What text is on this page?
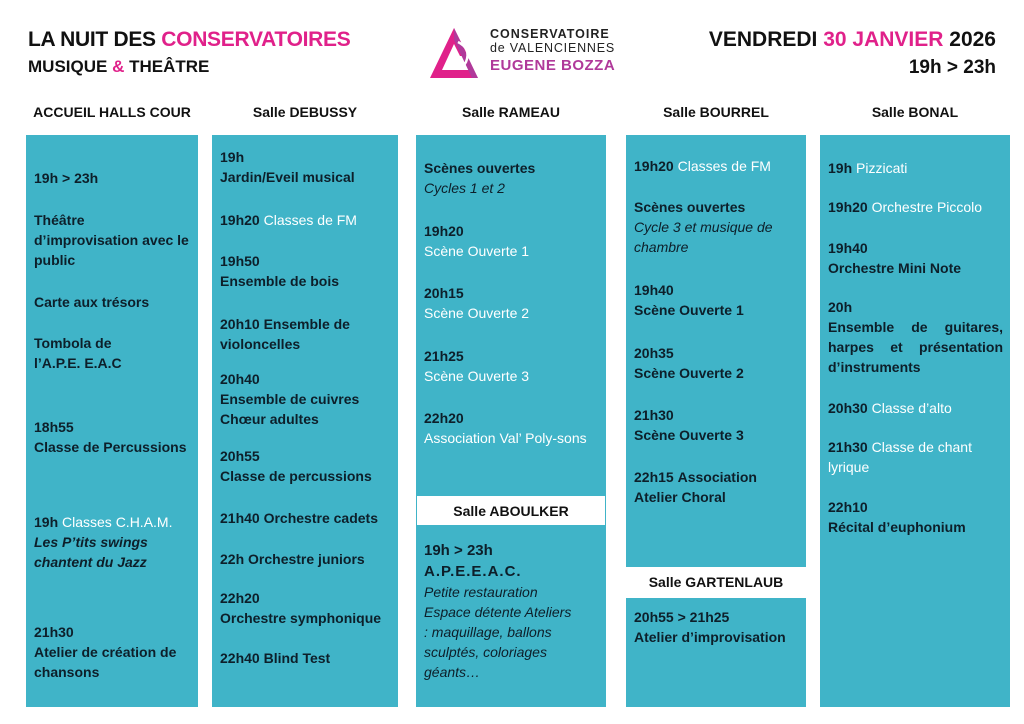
LA NUIT DES CONSERVATOIRES
MUSIQUE & THEÂTRE
CONSERVATOIRE
de VALENCIENNES
EUGENE BOZZA
VENDREDI 30 JANVIER 2026
19h > 23h
ACCUEIL HALLS COUR	Salle DEBUSSY	Salle RAMEAU	Salle BOURREL	Salle BONAL
19h > 23h
Théâtre d’improvisation avec le public
Carte aux trésors
Tombola de l’A.P.E. E.A.C
18h55
Classe de Percussions
19h Classes C.H.A.M.
Les P’tits swings chantent du Jazz
21h30
Atelier de création de chansons
19h
Jardin/Eveil musical
19h20 Classes de FM
19h50
Ensemble de bois
20h10 Ensemble de violoncelles
20h40
Ensemble de cuivres Chœur adultes
20h55
Classe de percussions
21h40 Orchestre cadets
22h Orchestre juniors
22h20
Orchestre symphonique
22h40 Blind Test
Scènes ouvertes
Cycles 1 et 2
19h20
Scène Ouverte 1
20h15
Scène Ouverte 2
21h25
Scène Ouverte 3
22h20
Association Val’ Poly-sons
Salle ABOULKER
19h > 23h
A.P.E.E.A.C.

Petite restauration Espace détente Ateliers : maquillage, ballons sculptés, coloriages géants…
19h20 Classes de FM
Scènes ouvertes
Cycle 3 et musique de chambre
19h40
Scène Ouverte 1
20h35
Scène Ouverte 2
21h30
Scène Ouverte 3
22h15 Association Atelier Choral
Salle GARTENLAUB
20h55 > 21h25
Atelier d’improvisation
19h Pizzicati
19h20 Orchestre Piccolo
19h40
Orchestre Mini Note
20h
Ensemble de guitares, harpes et présentation d’instruments
20h30 Classe d’alto
21h30 Classe de chant lyrique
22h10
Récital d’euphonium
